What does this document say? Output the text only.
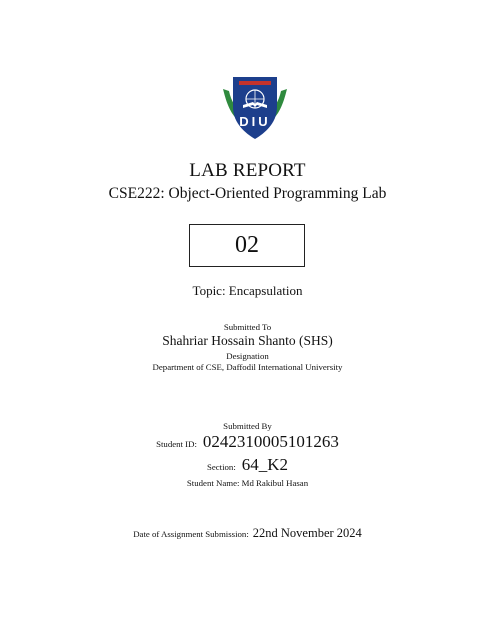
DIU
LAB REPORT
CSE222: Object-Oriented Programming Lab
02
Topic: Encapsulation
Submitted To
Shahriar Hossain Shanto (SHS)
Designation
Department of CSE, Daffodil International University
Submitted By
Student ID: 0242310005101263
Section: 64_K2
Student Name: Md Rakibul Hasan
Date of Assignment Submission: 22nd November 2024
